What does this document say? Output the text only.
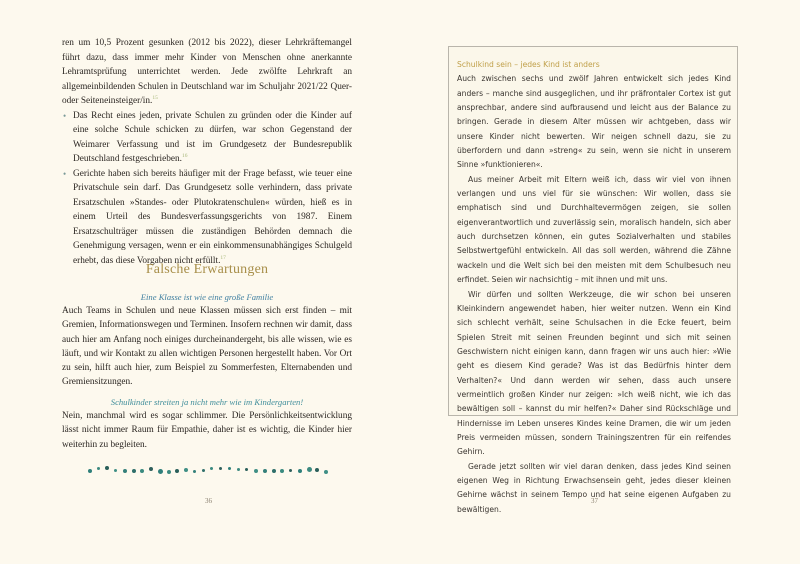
ren um 10,5 Prozent gesunken (2012 bis 2022), dieser Lehrkräftemangel führt dazu, dass immer mehr Kinder von Menschen ohne anerkannte Lehramtsprüfung unterrichtet werden. Jede zwölfte Lehrkraft an allgemeinbildenden Schulen in Deutschland war im Schuljahr 2021/22 Quer- oder Seiteneinsteiger/in.$^{15}$

• Das Recht eines jeden, private Schulen zu gründen oder die Kinder auf eine solche Schule schicken zu dürfen, war schon Gegenstand der Weimarer Verfassung und ist im Grundgesetz der Bundesrepublik Deutschland festgeschrieben.$^{16}$
• Gerichte haben sich bereits häufiger mit der Frage befasst, wie teuer eine Privatschule sein darf. Das Grundgesetz solle verhindern, dass private Ersatzschulen »Standes- oder Plutokratenschulen« würden, hieß es in einem Urteil des Bundesverfassungsgerichts von 1987. Einem Ersatzschulträger müssen die zuständigen Behörden demnach die Genehmigung versagen, wenn er ein einkommensunabhängiges Schulgeld erhebt, das diese Vorgaben nicht erfüllt.$^{17}$
Falsche Erwartungen
Eine Klasse ist wie eine große Familie

Auch Teams in Schulen und neue Klassen müssen sich erst finden – mit Gremien, Informationswegen und Terminen. Insofern rechnen wir damit, dass auch hier am Anfang noch einiges durcheinandergeht, bis alle wissen, wie es läuft, und wir Kontakt zu allen wichtigen Personen hergestellt haben. Vor Ort zu sein, hilft auch hier, zum Beispiel zu Sommerfesten, Elternabenden und Gremiensitzungen.

Schulkinder streiten ja nicht mehr wie im Kindergarten!

Nein, manchmal wird es sogar schlimmer. Die Persönlichkeitsentwicklung lässt nicht immer Raum für Empathie, daher ist es wichtig, die Kinder hier weiterhin zu begleiten.

36

Schulkind sein – jedes Kind ist anders

Auch zwischen sechs und zwölf Jahren entwickelt sich jedes Kind anders – manche sind ausgeglichen, und ihr präfrontaler Cortex ist gut ansprechbar, andere sind aufbrausend und leicht aus der Balance zu bringen. Gerade in diesem Alter müssen wir achtgeben, dass wir unsere Kinder nicht bewerten. Wir neigen schnell dazu, sie zu überfordern und dann »streng« zu sein, wenn sie nicht in unserem Sinne »funktionieren«.

Aus meiner Arbeit mit Eltern weiß ich, dass wir viel von ihnen verlangen und uns viel für sie wünschen: Wir wollen, dass sie emphatisch sind und Durchhaltevermögen zeigen, sie sollen eigenverantwortlich und zuverlässig sein, moralisch handeln, sich aber auch durchsetzen können, ein gutes Sozialverhalten und stabiles Selbstwertgefühl entwickeln. All das soll werden, während die Zähne wackeln und die Welt sich bei den meisten mit dem Schulbesuch neu erfindet. Seien wir nachsichtig – mit ihnen und mit uns.

Wir dürfen und sollten Werkzeuge, die wir schon bei unseren Kleinkindern angewendet haben, hier weiter nutzen. Wenn ein Kind sich schlecht verhält, seine Schulsachen in die Ecke feuert, beim Spielen Streit mit seinen Freunden beginnt und sich mit seinen Geschwistern nicht einigen kann, dann fragen wir uns auch hier: »Wie geht es diesem Kind gerade? Was ist das Bedürfnis hinter dem Verhalten?« Und dann werden wir sehen, dass auch unsere vermeintlich großen Kinder nur zeigen: »Ich weiß nicht, wie ich das bewältigen soll – kannst du mir helfen?« Daher sind Rückschläge und Hindernisse im Leben unseres Kindes keine Dramen, die wir um jeden Preis vermeiden müssen, sondern Trainingszentren für ein reifendes Gehirn.

Gerade jetzt sollten wir viel daran denken, dass jedes Kind seinen eigenen Weg in Richtung Erwachsensein geht, jedes dieser kleinen Gehirne wächst in seinem Tempo und hat seine eigenen Aufgaben zu bewältigen.

37
